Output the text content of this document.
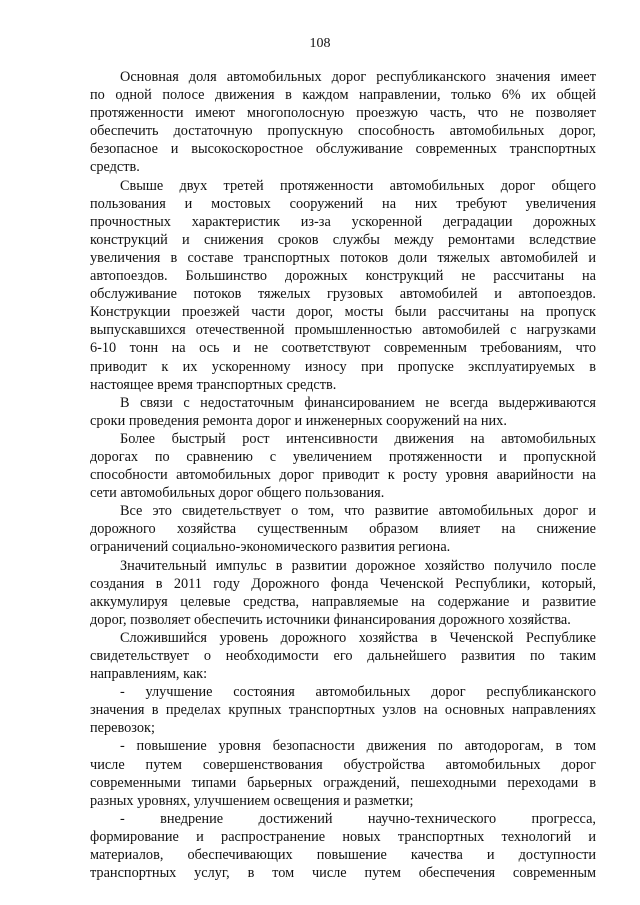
108
Основная доля автомобильных дорог республиканского значения имеет
по одной полосе движения в каждом направлении, только 6% их общей
протяженности имеют многополосную проезжую часть, что не позволяет
обеспечить достаточную пропускную способность автомобильных дорог,
безопасное и высокоскоростное обслуживание современных транспортных
средств.
Свыше двух третей протяженности автомобильных дорог общего
пользования и мостовых сооружений на них требуют увеличения
прочностных характеристик из-за ускоренной деградации дорожных
конструкций и снижения сроков службы между ремонтами вследствие
увеличения в составе транспортных потоков доли тяжелых автомобилей и
автопоездов. Большинство дорожных конструкций не рассчитаны на
обслуживание потоков тяжелых грузовых автомобилей и автопоездов.
Конструкции проезжей части дорог, мосты были рассчитаны на пропуск
выпускавшихся отечественной промышленностью автомобилей с нагрузками
6-10 тонн на ось и не соответствуют современным требованиям, что
приводит к их ускоренному износу при пропуске эксплуатируемых в
настоящее время транспортных средств.
В связи с недостаточным финансированием не всегда выдерживаются
сроки проведения ремонта дорог и инженерных сооружений на них.
Более быстрый рост интенсивности движения на автомобильных
дорогах по сравнению с увеличением протяженности и пропускной
способности автомобильных дорог приводит к росту уровня аварийности на
сети автомобильных дорог общего пользования.
Все это свидетельствует о том, что развитие автомобильных дорог и
дорожного хозяйства существенным образом влияет на снижение
ограничений социально-экономического развития региона.
Значительный импульс в развитии дорожное хозяйство получило после
создания в 2011 году Дорожного фонда Чеченской Республики, который,
аккумулируя целевые средства, направляемые на содержание и развитие
дорог, позволяет обеспечить источники финансирования дорожного хозяйства.
Сложившийся уровень дорожного хозяйства в Чеченской Республике
свидетельствует о необходимости его дальнейшего развития по таким
направлениям, как:
- улучшение состояния автомобильных дорог республиканского
значения в пределах крупных транспортных узлов на основных направлениях
перевозок;
- повышение уровня безопасности движения по автодорогам, в том
числе путем совершенствования обустройства автомобильных дорог
современными типами барьерных ограждений, пешеходными переходами в
разных уровнях, улучшением освещения и разметки;
- внедрение достижений научно-технического прогресса,
формирование и распространение новых транспортных технологий и
материалов, обеспечивающих повышение качества и доступности
транспортных услуг, в том числе путем обеспечения современным
